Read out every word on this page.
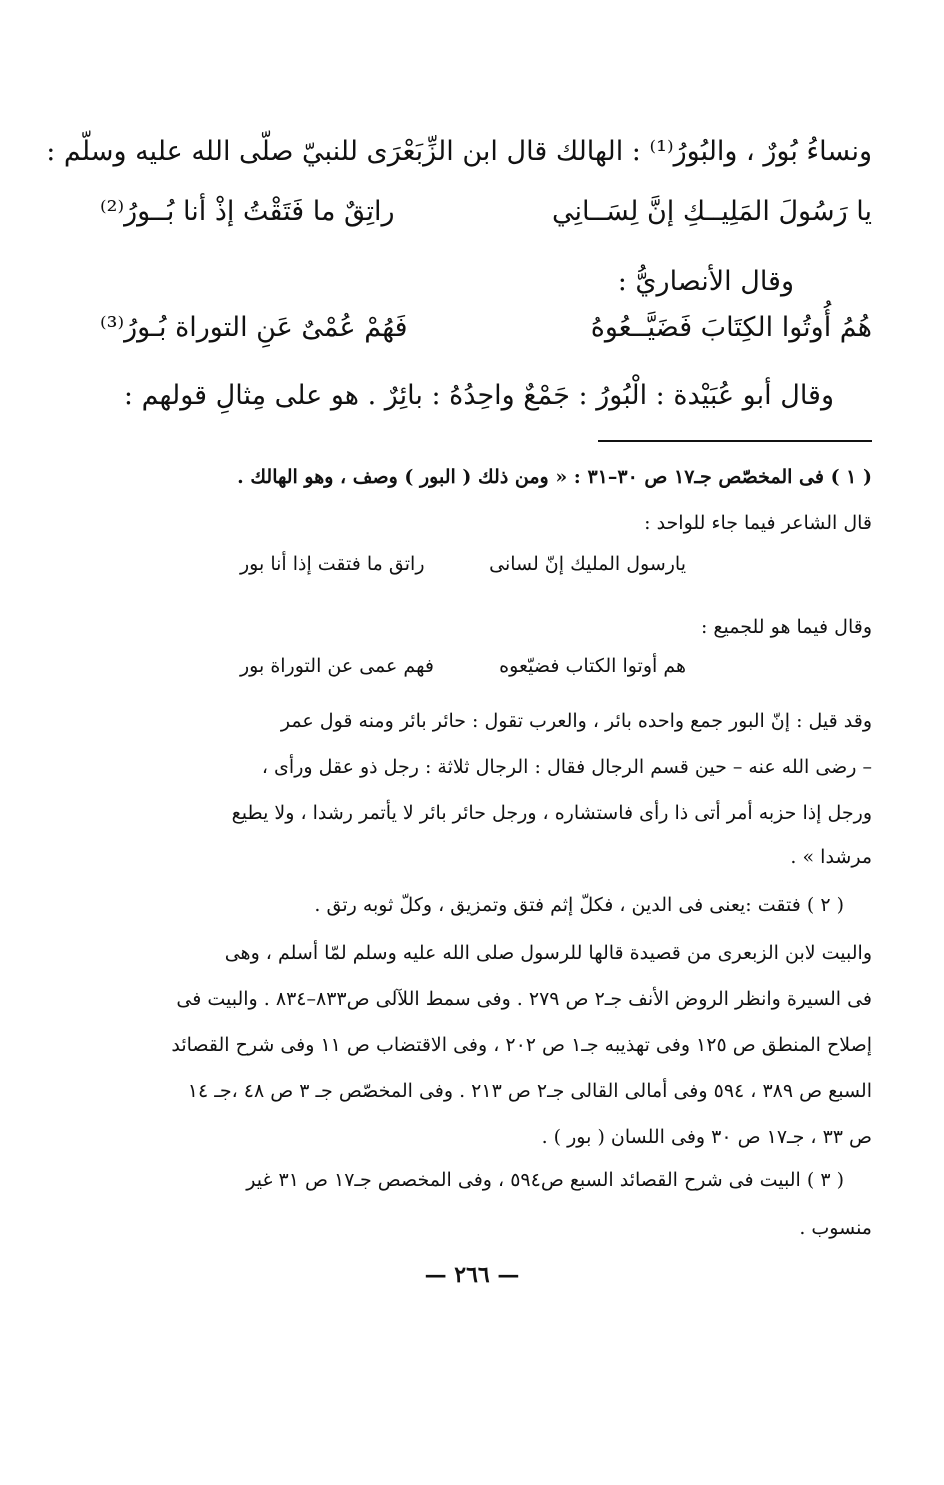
ونساءُ بُورٌ ، والبُورُ⁽¹⁾ : الهالك قال ابن الزِّبَعْرَى للنبيّ صلّى الله عليه وسلّم :
يا رَسُولَ المَلِيــكِ إنَّ لِسَــانِي
راتِقٌ ما فَتَقْتُ إذْ أنا بُــورُ⁽²⁾
وقال الأنصاريُّ :
هُمُ أُوتُوا الكِتَابَ فَضَيَّــعُوهُ
فَهُمْ عُمْىٌ عَنِ التوراة بُـورُ⁽³⁾
وقال أبو عُبَيْدة : الْبُورُ : جَمْعٌ واحِدُهُ : بائِرٌ . هو على مِثالِ قولهم :
( ١ ) فى المخصّص جـ١٧ ص ٣٠–٣١ : « ومن ذلك ( البور ) وصف ، وهو الهالك .
قال الشاعر فيما جاء للواحد :
يارسول المليك إنّ لسانى
راتق ما فتقت إذا أنا بور
وقال فيما هو للجميع :
هم أوتوا الكتاب فضيّعوه
فهم عمى عن التوراة بور
وقد قيل : إنّ البور جمع واحده بائر ، والعرب تقول : حائر بائر ومنه قول عمر
– رضى الله عنه – حين قسم الرجال فقال : الرجال ثلاثة : رجل ذو عقل ورأى ،
ورجل إذا حزبه أمر أتى ذا رأى فاستشاره ، ورجل حائر بائر لا يأتمر رشدا ، ولا يطيع
مرشدا » .
( ٢ ) فتقت :يعنى فى الدين ، فكلّ إثم فتق وتمزيق ، وكلّ ثوبه رتق .
والبيت لابن الزبعرى من قصيدة قالها للرسول صلى الله عليه وسلم لمّا أسلم ، وهى
فى السيرة وانظر الروض الأنف جـ٢ ص ٢٧٩ . وفى سمط اللآلى ص٨٣٣–٨٣٤ . والبيت فى
إصلاح المنطق ص ١٢٥ وفى تهذيبه جـ١ ص ٢٠٢ ، وفى الاقتضاب ص ١١ وفى شرح القصائد
السبع ص ٣٨٩ ، ٥٩٤ وفى أمالى القالى جـ٢ ص ٢١٣ . وفى المخصّص جـ ٣ ص ٤٨ ،جـ ١٤
ص ٣٣ ، جـ١٧ ص ٣٠ وفى اللسان ( بور ) .
( ٣ ) البيت فى شرح القصائد السبع ص٥٩٤ ، وفى المخصص جـ١٧ ص ٣١ غير
منسوب .
— ٢٦٦ —
